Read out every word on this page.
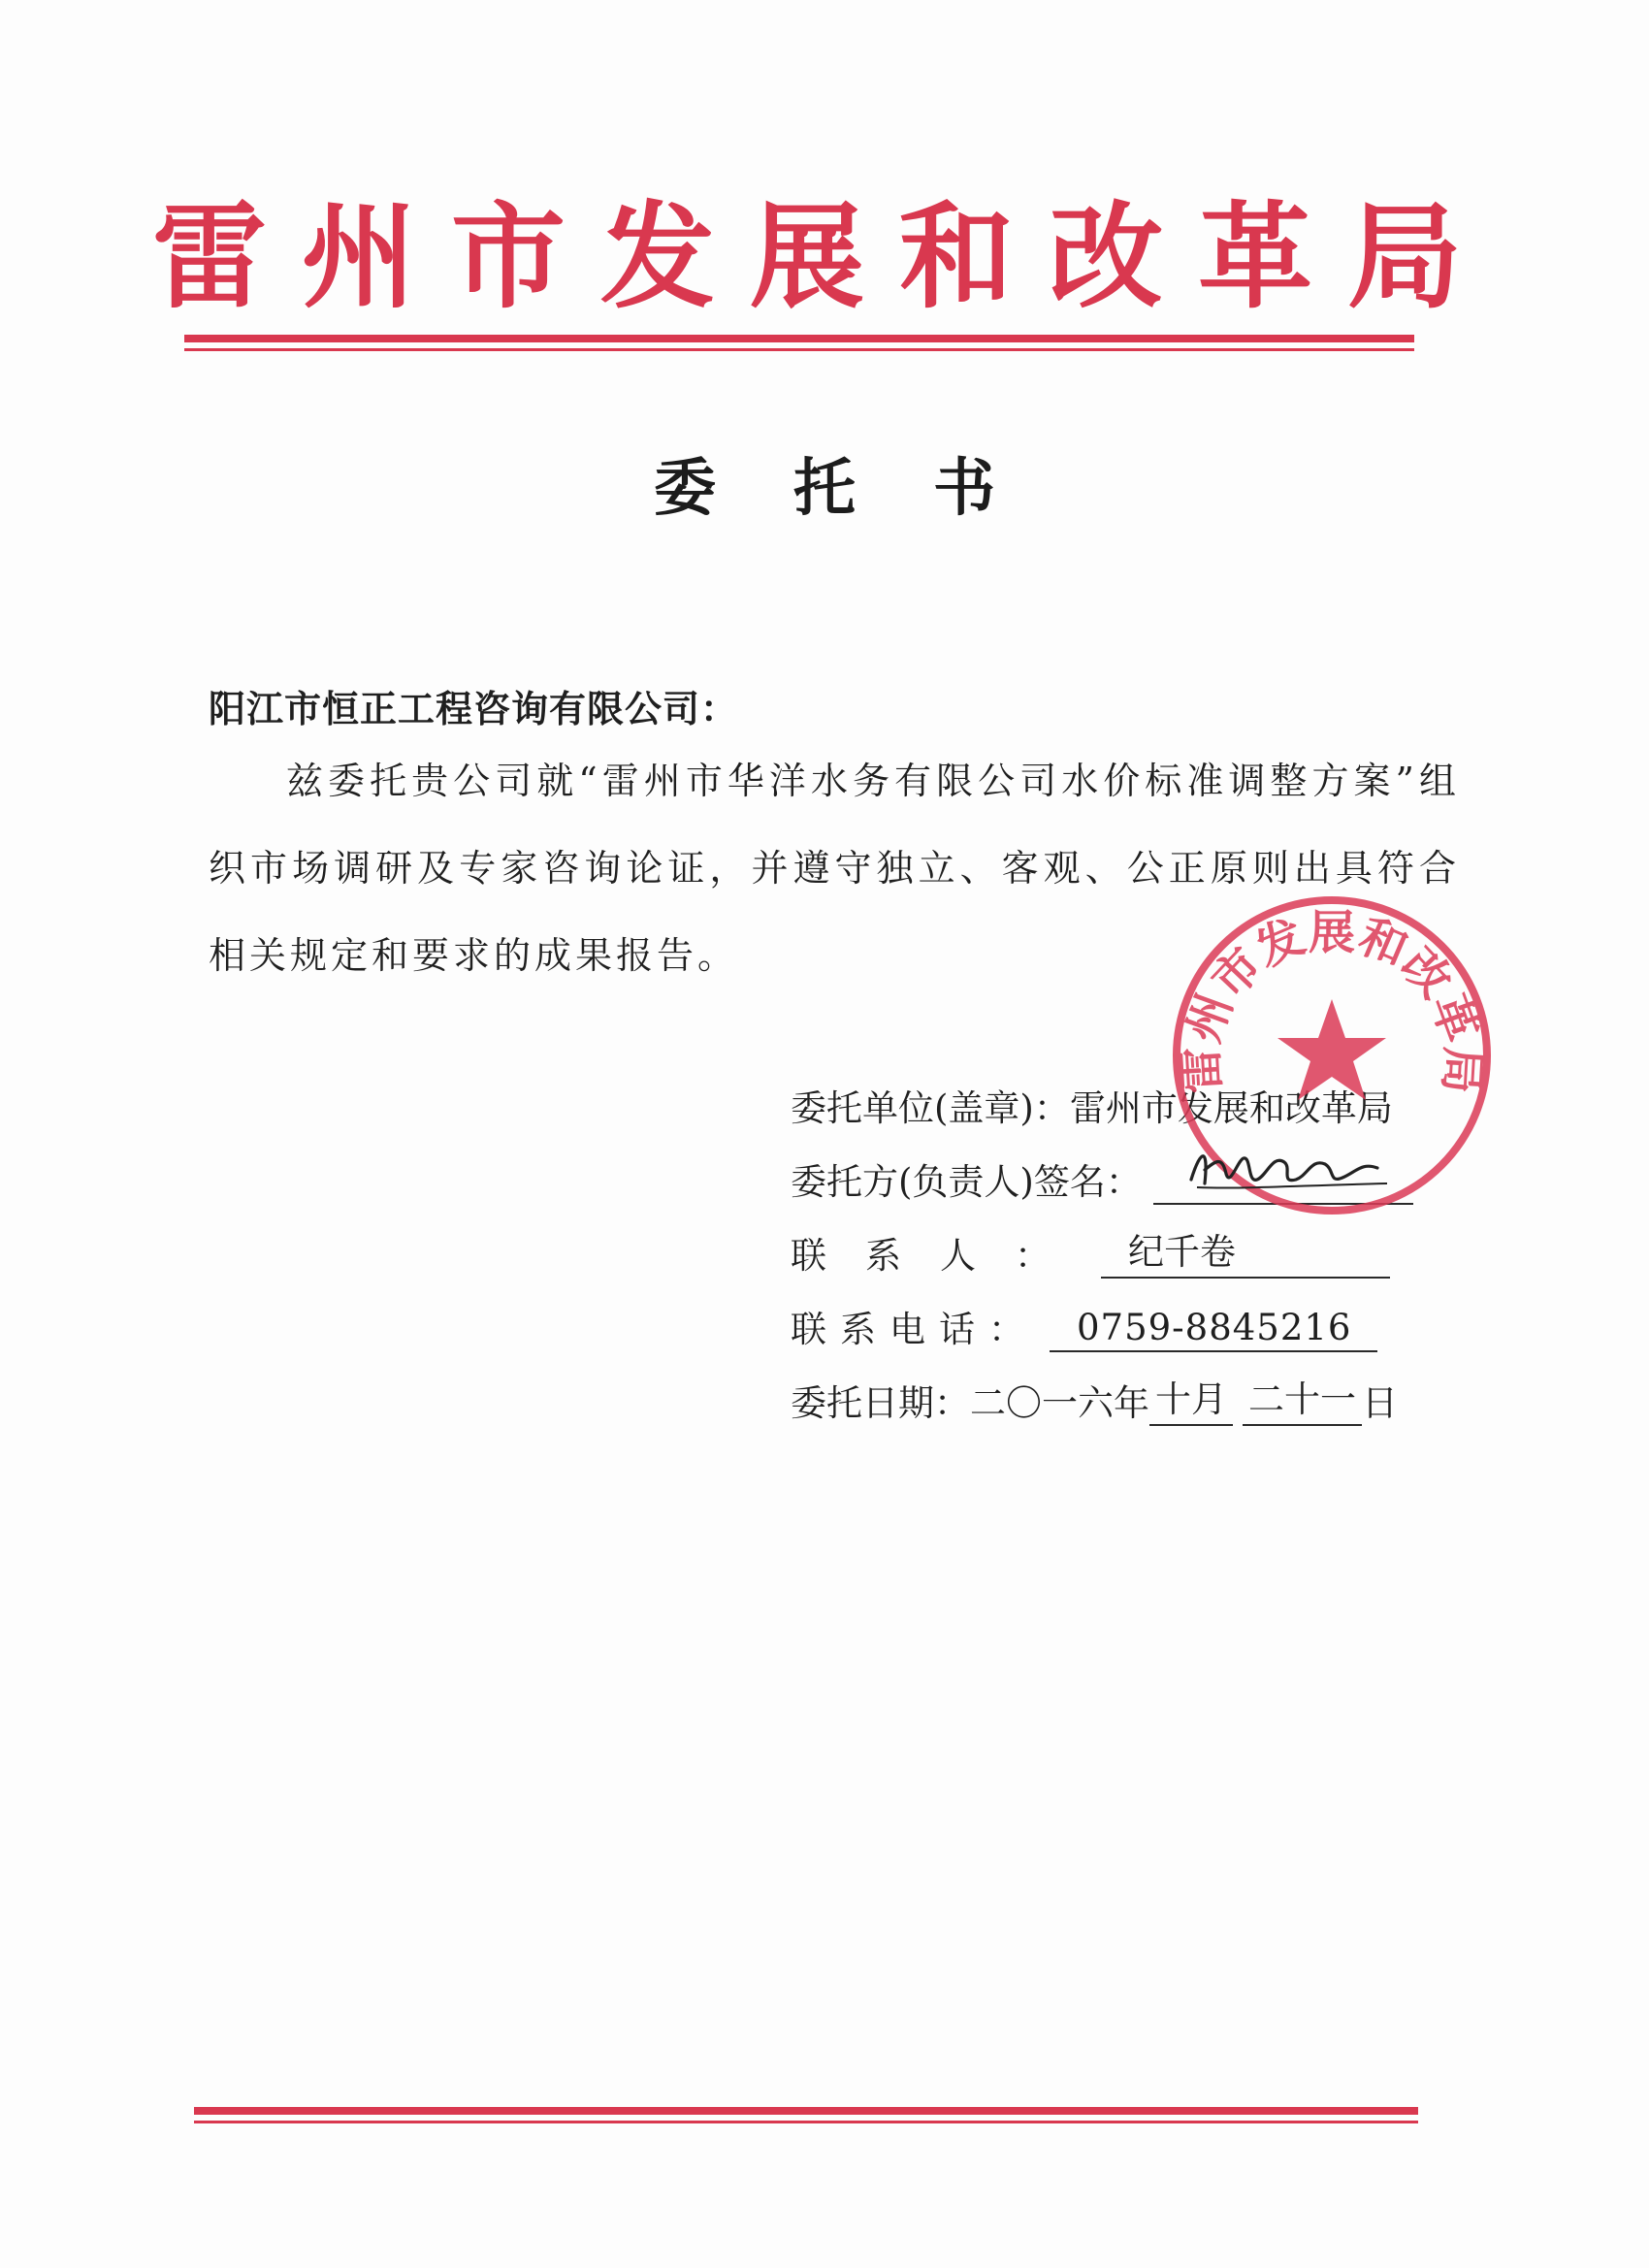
雷州市发展和改革局
委托书
阳江市恒正工程咨询有限公司：
兹委托贵公司就“雷州市华洋水务有限公司水价标准调整方案”组织市场调研及专家咨询论证，并遵守独立、客观、公正原则出具符合相关规定和要求的成果报告。
委托单位(盖章)： 雷州市发展和改革局
委托方(负责人)签名：
联系人：	纪千卷
联系电话：	0759-8845216
委托日期： 二〇一六年 十月 二十一 日
雷州市发展和改革局
